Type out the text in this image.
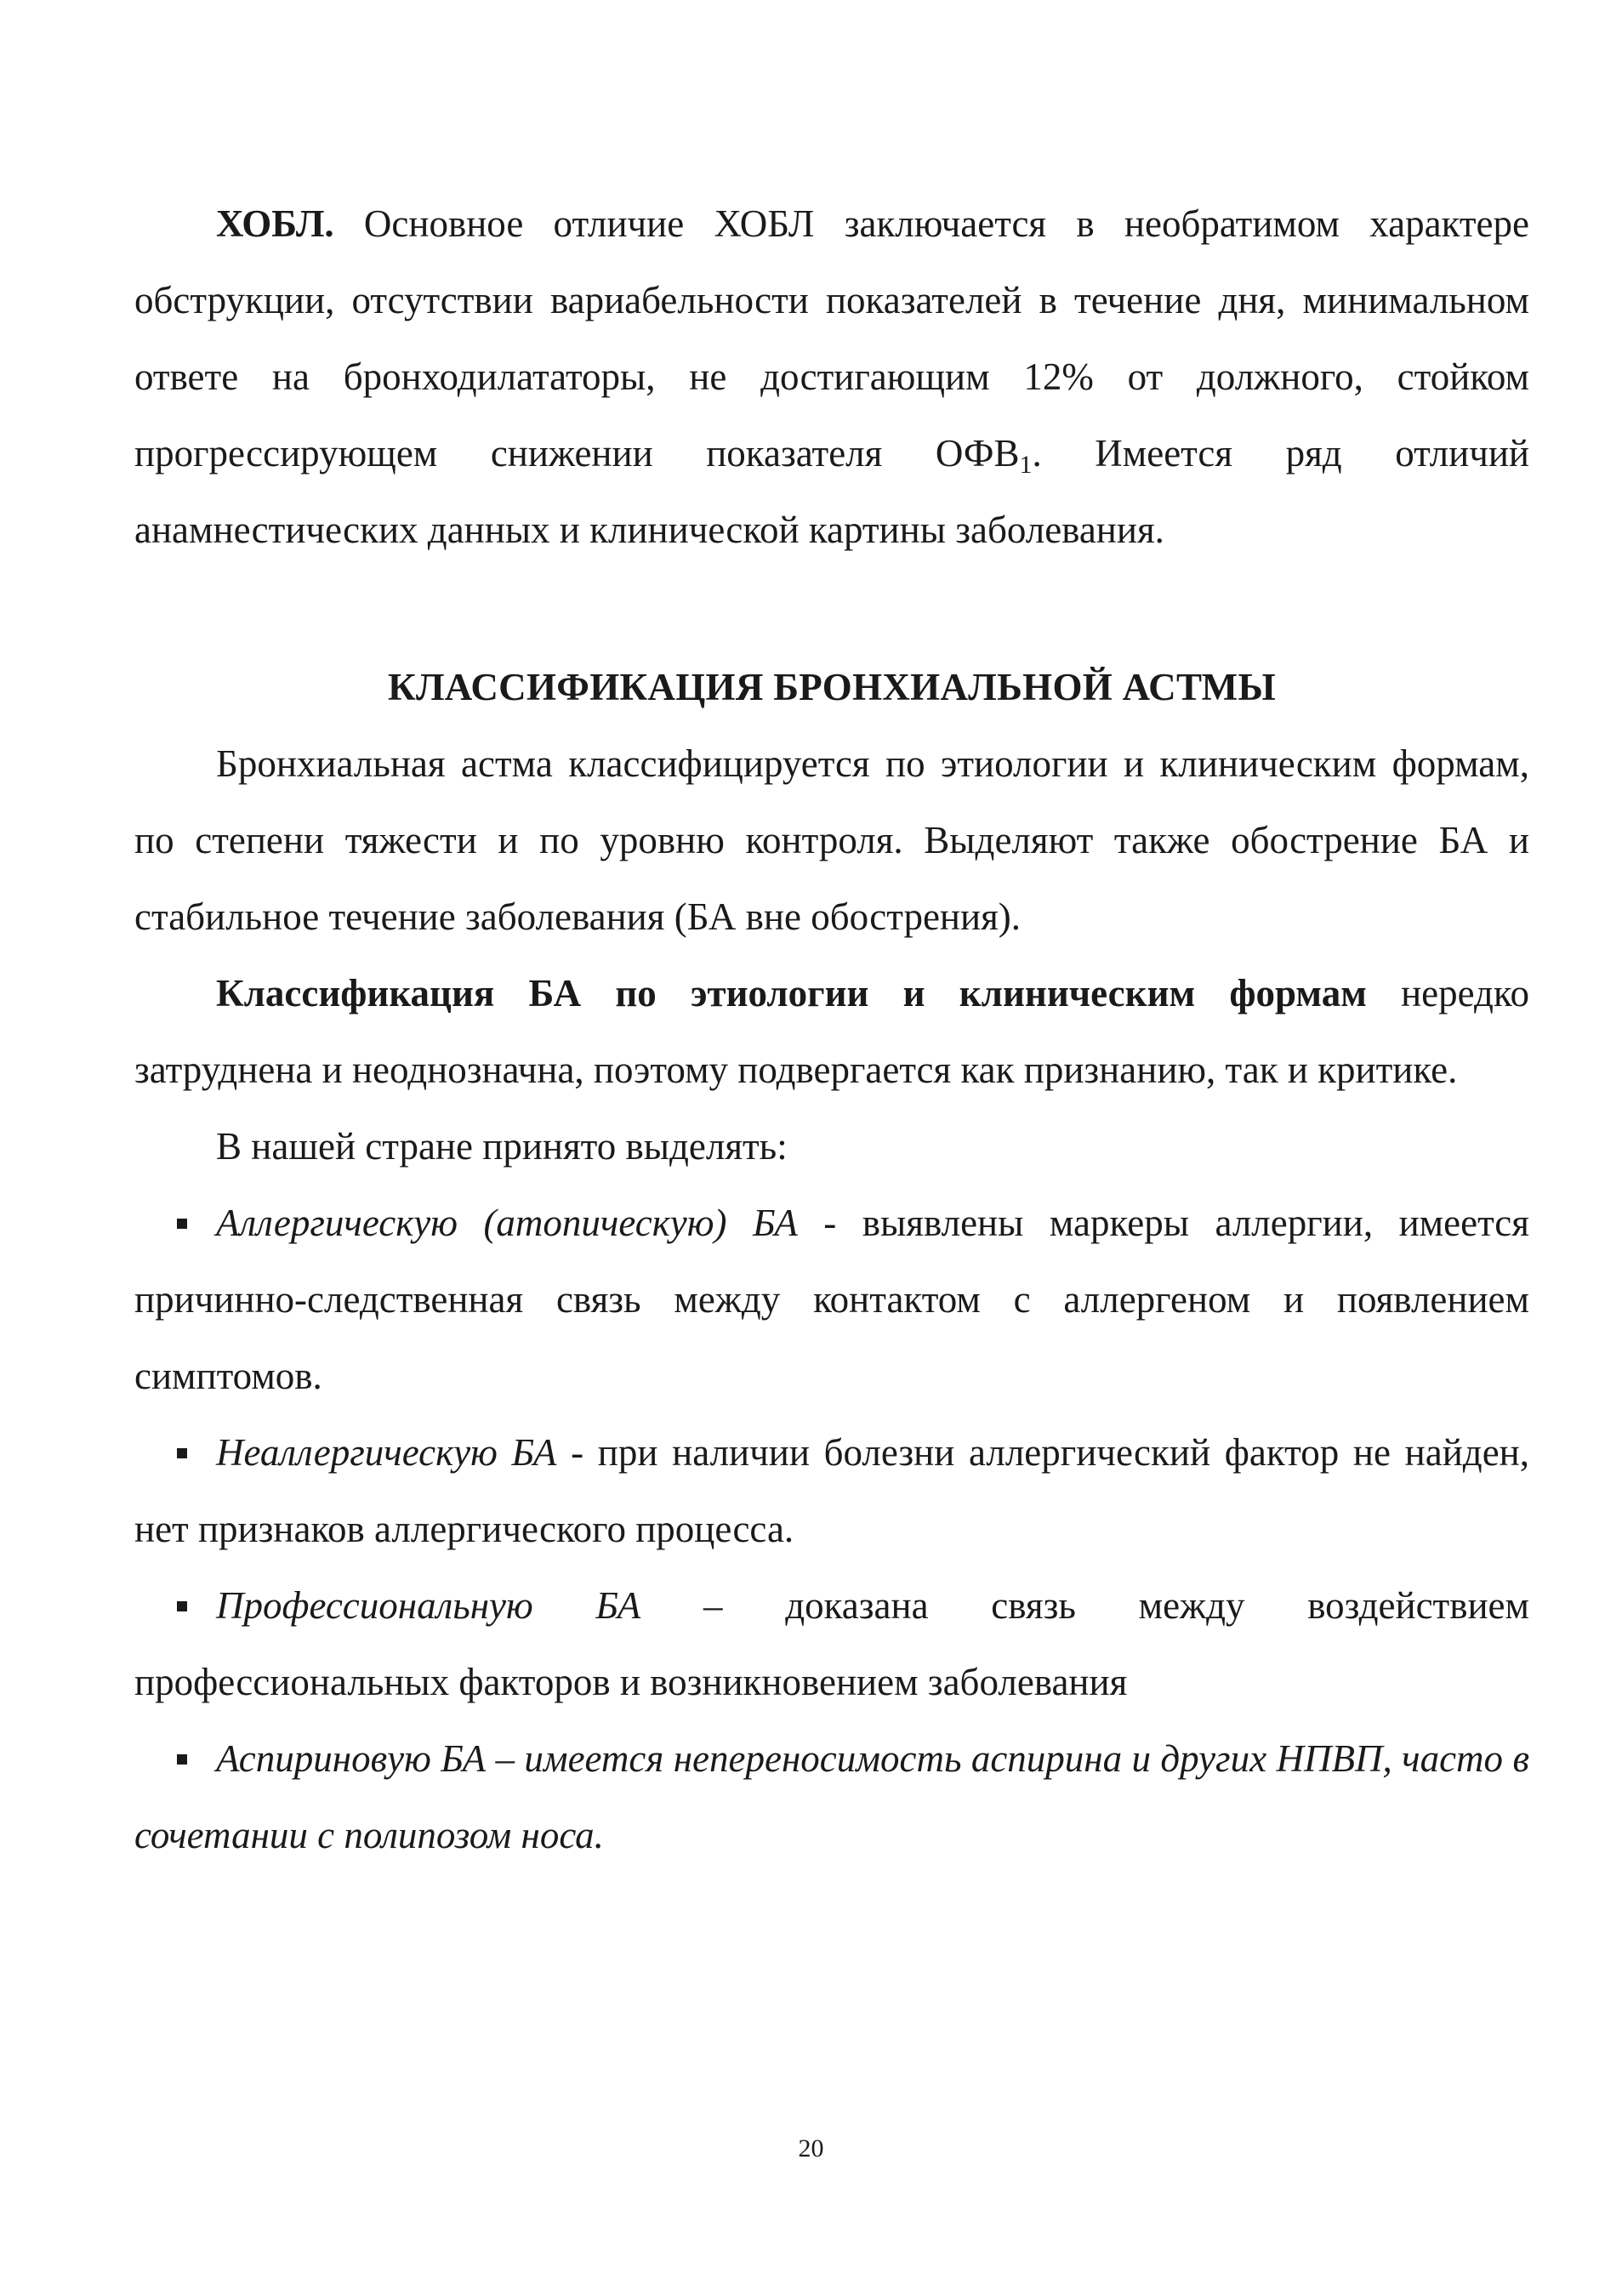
ХОБЛ. Основное отличие ХОБЛ заключается в необратимом характере обструкции, отсутствии вариабельности показателей в течение дня, минимальном ответе на бронходилататоры, не достигающим 12% от должного, стойком прогрессирующем снижении показателя $ОФВ_1$. Имеется ряд отличий анамнестических данных и клинической картины заболевания.

КЛАССИФИКАЦИЯ БРОНХИАЛЬНОЙ АСТМЫ

Бронхиальная астма классифицируется по этиологии и клиническим формам, по степени тяжести и по уровню контроля. Выделяют также обострение БА и стабильное течение заболевания (БА вне обострения).

Классификация БА по этиологии и клиническим формам нередко затруднена и неоднозначна, поэтому подвергается как признанию, так и критике.

В нашей стране принято выделять:

Аллергическую (атопическую) БА - выявлены маркеры аллергии, имеется причинно-следственная связь между контактом с аллергеном и появлением симптомов.

Неаллергическую БА - при наличии болезни аллергический фактор не найден, нет признаков аллергического процесса.

Профессиональную БА – доказана связь между воздействием профессиональных факторов и возникновением заболевания

Аспириновую БА – имеется непереносимость аспирина и других НПВП, часто в сочетании с полипозом носа.

20
